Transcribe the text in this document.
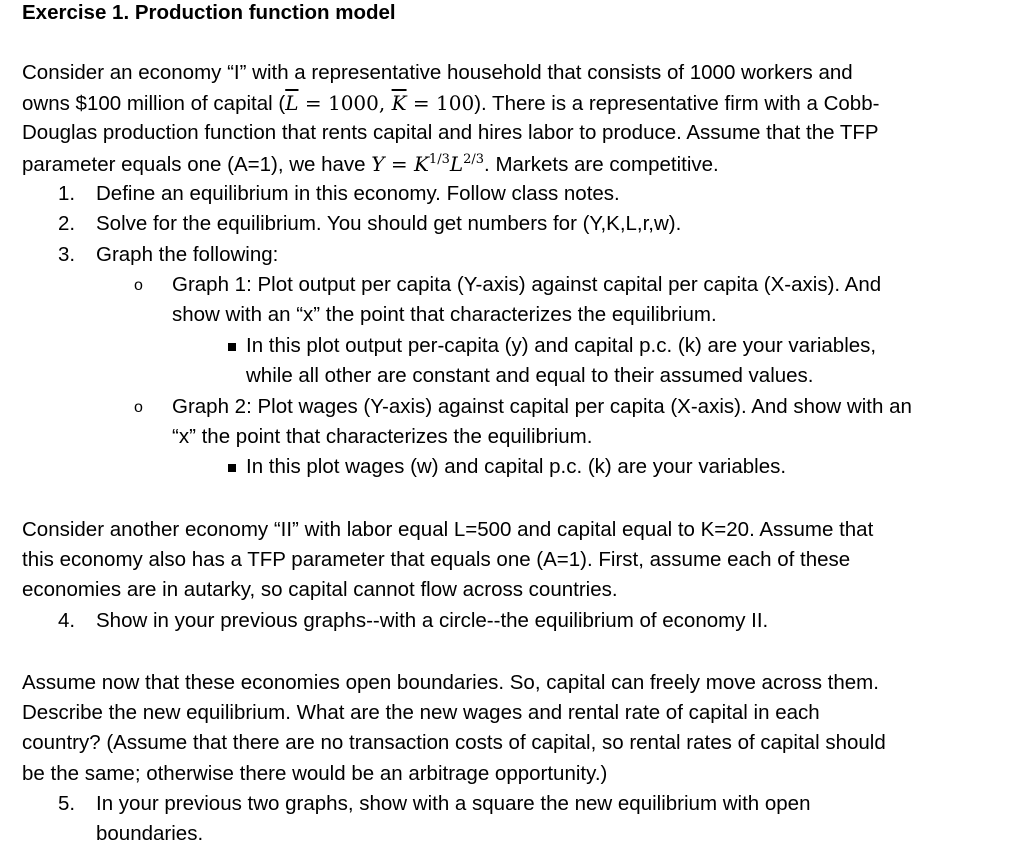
Exercise 1. Production function model
Consider an economy “I” with a representative household that consists of 1000 workers and
owns $100 million of capital ($\overline{L} = 1000$, $\overline{K} = 100$). There is a representative firm with a Cobb-
Douglas production function that rents capital and hires labor to produce. Assume that the TFP
parameter equals one (A=1), we have $Y = K^{1/3}L^{2/3}$. Markets are competitive.
1. Define an equilibrium in this economy. Follow class notes.
2. Solve for the equilibrium. You should get numbers for (Y,K,L,r,w).
3. Graph the following:
o Graph 1: Plot output per capita (Y-axis) against capital per capita (X-axis). And
show with an “x” the point that characterizes the equilibrium.
In this plot output per-capita (y) and capital p.c. (k) are your variables,
while all other are constant and equal to their assumed values.
o Graph 2: Plot wages (Y-axis) against capital per capita (X-axis). And show with an
“x” the point that characterizes the equilibrium.
In this plot wages (w) and capital p.c. (k) are your variables.
Consider another economy “II” with labor equal L=500 and capital equal to K=20. Assume that
this economy also has a TFP parameter that equals one (A=1). First, assume each of these
economies are in autarky, so capital cannot flow across countries.
4. Show in your previous graphs--with a circle--the equilibrium of economy II.
Assume now that these economies open boundaries. So, capital can freely move across them.
Describe the new equilibrium. What are the new wages and rental rate of capital in each
country? (Assume that there are no transaction costs of capital, so rental rates of capital should
be the same; otherwise there would be an arbitrage opportunity.)
5. In your previous two graphs, show with a square the new equilibrium with open
boundaries.
